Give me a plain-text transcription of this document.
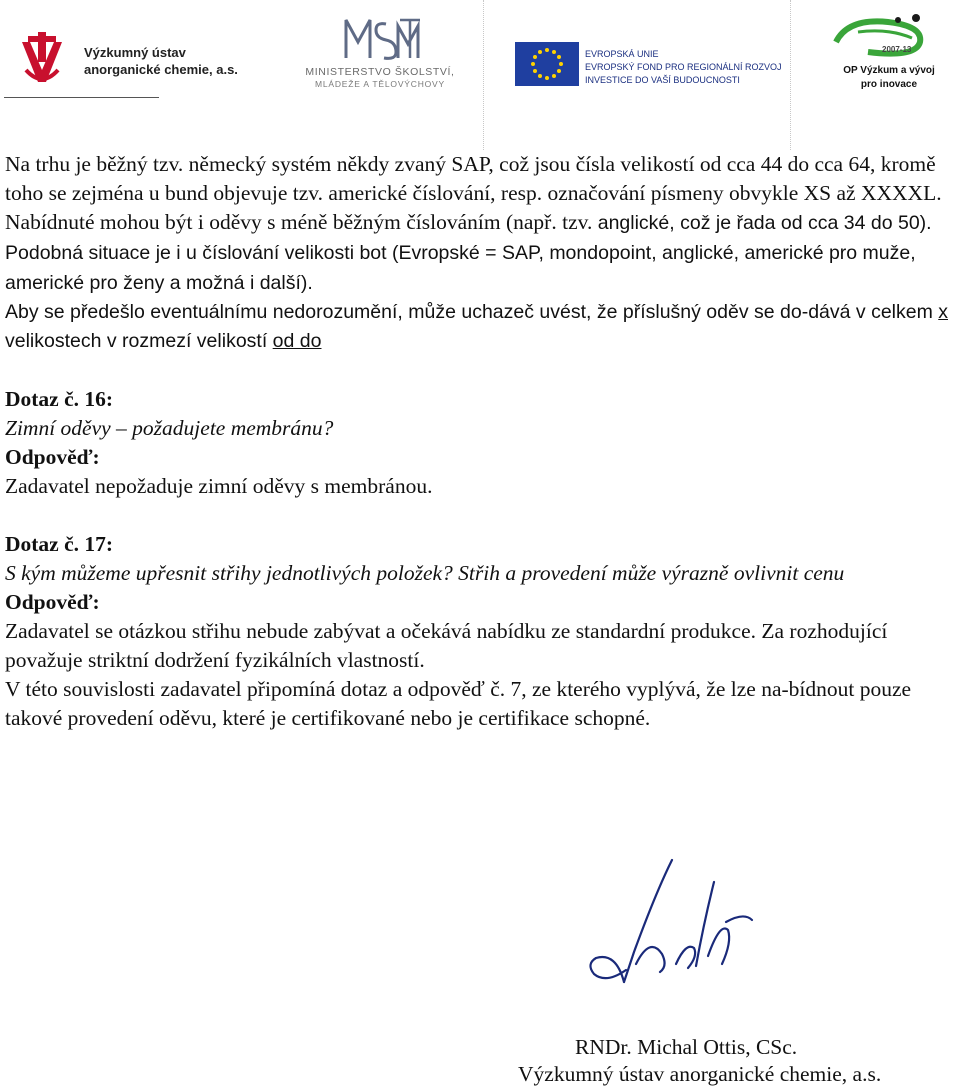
Výzkumný ústav
anorganické chemie, a.s.	MINISTERSTVO ŠKOLSTVÍ,
MLÁDEŽE A TĚLOVÝCHOVY
EVROPSKÁ UNIE
EVROPSKÝ FOND PRO REGIONÁLNÍ ROZVOJ
INVESTICE DO VAŠÍ BUDOUCNOSTI
2007-13
OP Výzkum a vývoj
pro inovace

Na trhu je běžný tzv. německý systém někdy zvaný SAP, což jsou čísla velikostí od cca 44 do cca 64, kromě toho se zejména u bund objevuje tzv. americké číslování, resp. označování písmeny obvykle XS až XXXXL. Nabídnuté mohou být i oděvy s méně běžným číslováním (např. tzv. anglické, což je řada od cca 34 do 50). Podobná situace je i u číslování velikosti bot (Evropské = SAP, mondopoint, anglické, americké pro muže, americké pro ženy a možná i další).

Aby se předešlo eventuálnímu nedorozumění, může uchazeč uvést, že příslušný oděv se do-dává v celkem x velikostech v rozmezí velikostí od do

Dotaz č. 16:

Zimní oděvy – požadujete membránu?

Odpověď:

Zadavatel nepožaduje zimní oděvy s membránou.

Dotaz č. 17:

S kým můžeme upřesnit střihy jednotlivých položek? Střih a provedení může výrazně ovlivnit cenu

Odpověď:

Zadavatel se otázkou střihu nebude zabývat a očekává nabídku ze standardní produkce. Za rozhodující považuje striktní dodržení fyzikálních vlastností.

V této souvislosti zadavatel připomíná dotaz a odpověď č. 7, ze kterého vyplývá, že lze na-bídnout pouze takové provedení oděvu, které je certifikované nebo je certifikace schopné.

RNDr. Michal Ottis, CSc.
Výzkumný ústav anorganické chemie, a.s.
